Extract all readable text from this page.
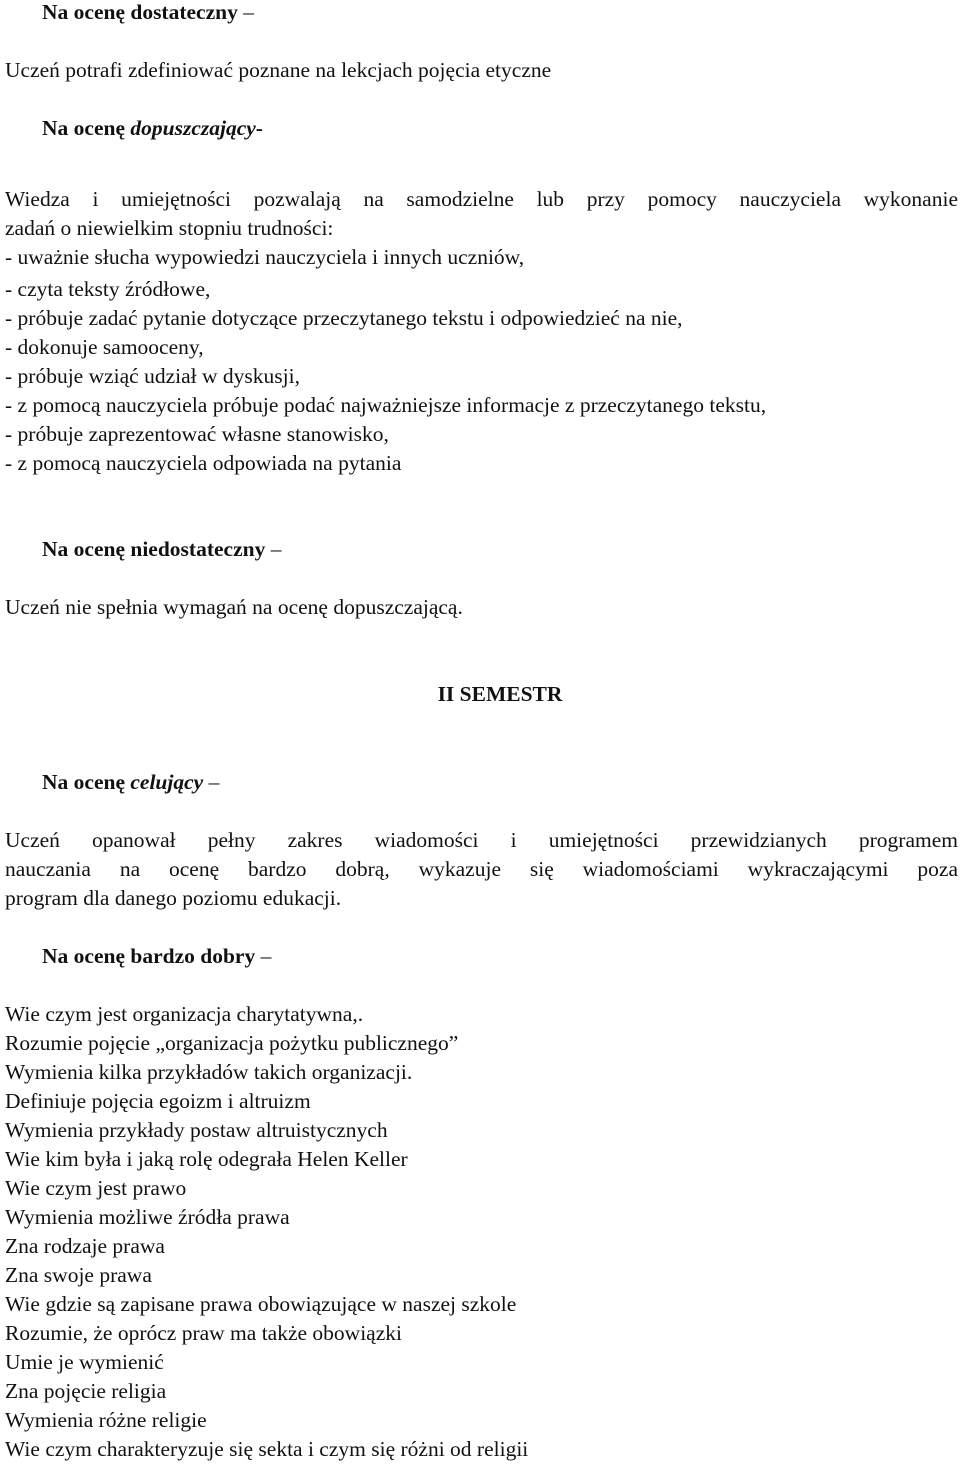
Na ocenę dostateczny –
Uczeń potrafi zdefiniować poznane na lekcjach pojęcia etyczne
Na ocenę dopuszczający-
Wiedza i umiejętności pozwalają na samodzielne lub przy pomocy nauczyciela wykonanie
zadań o niewielkim stopniu trudności:
- uważnie słucha wypowiedzi nauczyciela i innych uczniów,
- czyta teksty źródłowe,
- próbuje zadać pytanie dotyczące przeczytanego tekstu i odpowiedzieć na nie,
- dokonuje samooceny,
- próbuje wziąć udział w dyskusji,
- z pomocą nauczyciela próbuje podać najważniejsze informacje z przeczytanego tekstu,
- próbuje zaprezentować własne stanowisko,
- z pomocą nauczyciela odpowiada na pytania
Na ocenę niedostateczny –
Uczeń nie spełnia wymagań na ocenę dopuszczającą.
II SEMESTR
Na ocenę celujący –
Uczeń opanował pełny zakres wiadomości i umiejętności przewidzianych programem
nauczania na ocenę bardzo dobrą, wykazuje się wiadomościami wykraczającymi poza
program dla danego poziomu edukacji.
Na ocenę bardzo dobry –
Wie czym jest organizacja charytatywna,.
Rozumie pojęcie „organizacja pożytku publicznego”
Wymienia kilka przykładów takich organizacji.
Definiuje pojęcia egoizm i altruizm
Wymienia przykłady postaw altruistycznych
Wie kim była i jaką rolę odegrała Helen Keller
Wie czym jest prawo
Wymienia możliwe źródła prawa
Zna rodzaje prawa
Zna swoje prawa
Wie gdzie są zapisane prawa obowiązujące w naszej szkole
Rozumie, że oprócz praw ma także obowiązki
Umie je wymienić
Zna pojęcie religia
Wymienia różne religie
Wie czym charakteryzuje się sekta i czym się różni od religii
